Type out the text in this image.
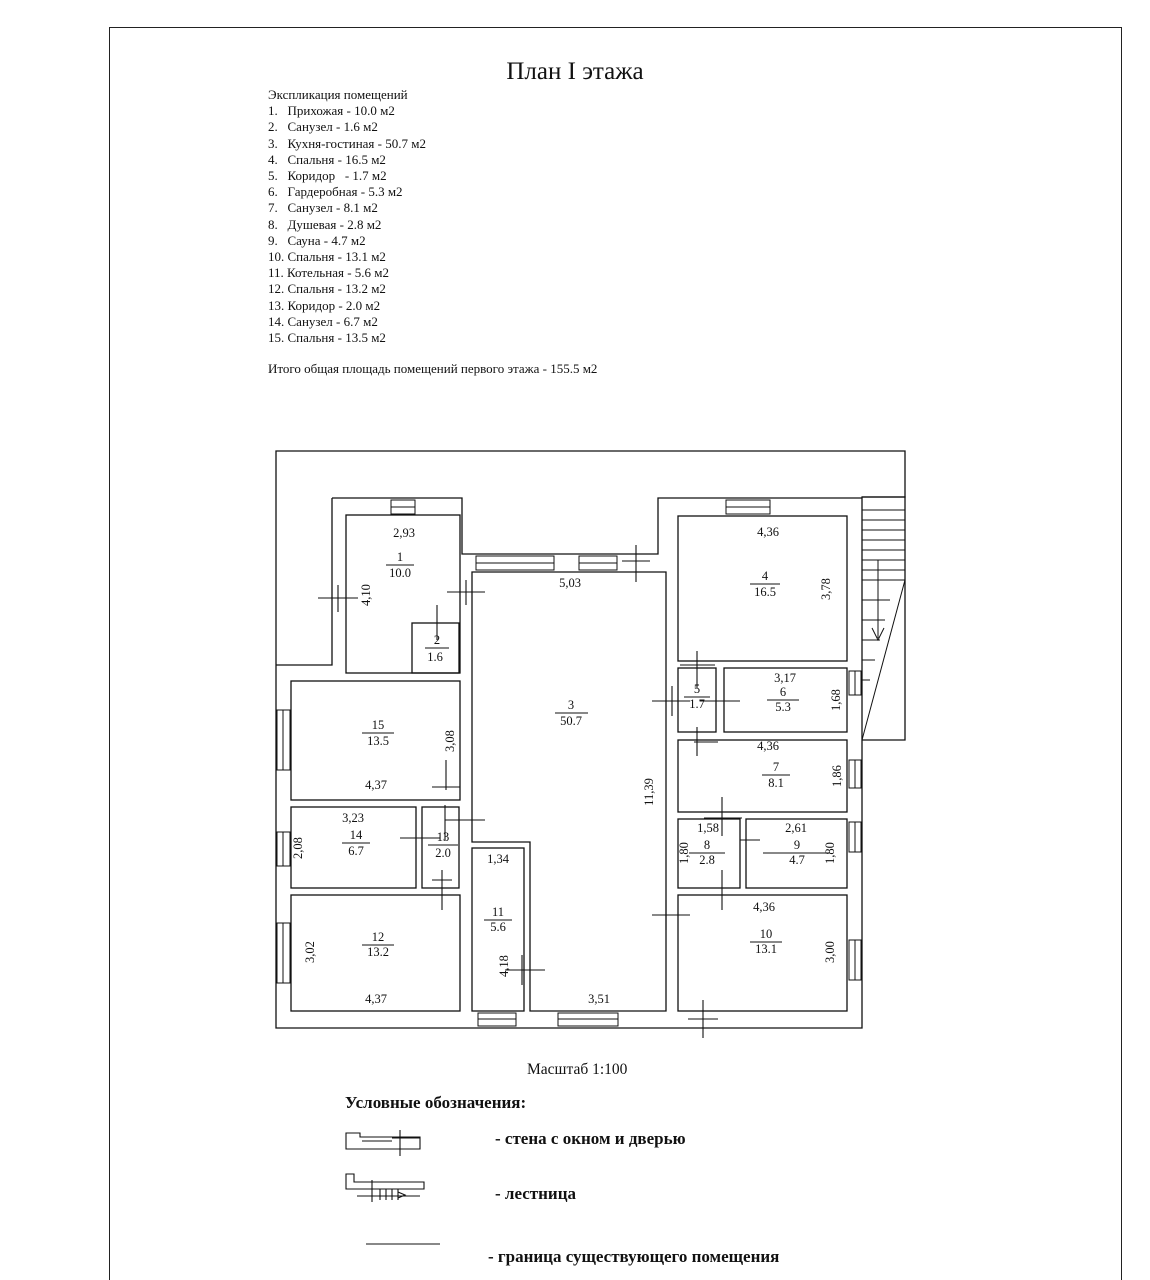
План I этажа
Экспликация помещений
1.   Прихожая - 10.0 м2
2.   Санузел - 1.6 м2
3.   Кухня-гостиная - 50.7 м2
4.   Спальня - 16.5 м2
5.   Коридор   - 1.7 м2
6.   Гардеробная - 5.3 м2
7.   Санузел - 8.1 м2
8.   Душевая - 2.8 м2
9.   Сауна - 4.7 м2
10. Спальня - 13.1 м2
11. Котельная - 5.6 м2
12. Спальня - 13.2 м2
13. Коридор - 2.0 м2
14. Санузел - 6.7 м2
15. Спальня - 13.5 м2
Итого общая площадь помещений первого этажа - 155.5 м2
1
10.0
2
1.6
3
50.7
4
16.5
5
1.7
6
5.3
7
8.1
8
2.8
9
4.7
10
13.1
11
5.6
12
13.2
13
2.0
14
6.7
15
13.5
2,93
4,10
5,03
4,36
3,78
3,17
1,68
4,36
1,86
3,08
4,37	11,39
3,23
2,08
1,58	2,61
1,80	1,80
1,34
4,36
3,02
4,18
3,00
4,37	3,51
Масштаб 1:100
Условные обозначения:
- стена с окном и дверью
- лестница
- граница существующего помещения
